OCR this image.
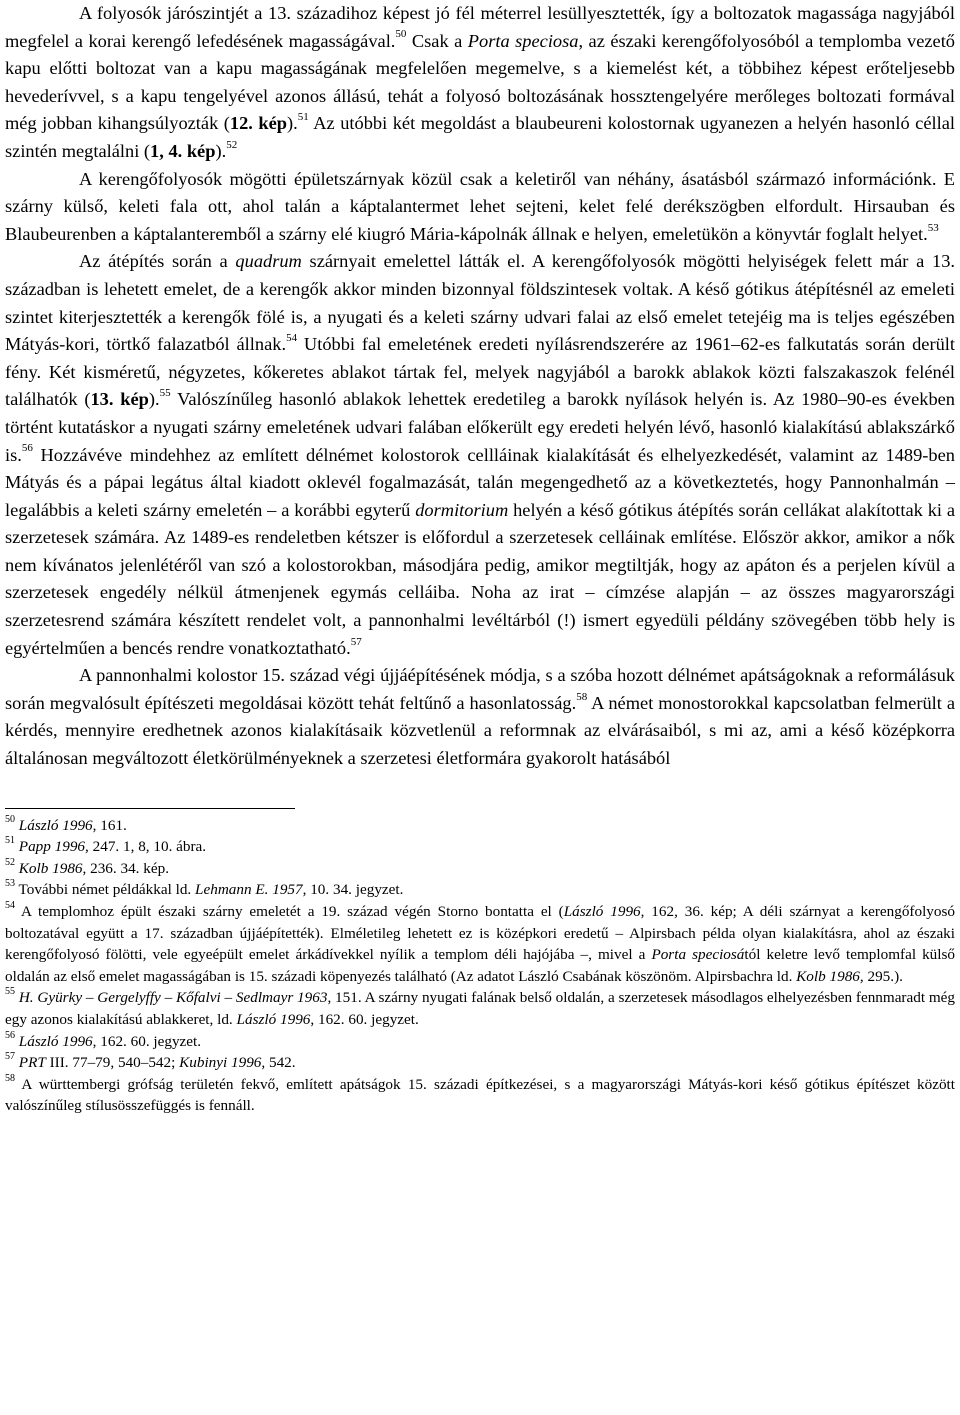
A folyosók járószintjét a 13. századihoz képest jó fél méterrel lesüllyesztették, így a boltozatok magassága nagyjából megfelel a korai kerengő lefedésének magasságával.$^{50}$ Csak a Porta speciosa, az északi kerengőfolyosóból a templomba vezető kapu előtti boltozat van a kapu magasságának megfelelően megemelve, s a kiemelést két, a többihez képest erőteljesebb hevederívvel, s a kapu tengelyével azonos állású, tehát a folyosó boltozásának hossztengelyére merőleges boltozati formával még jobban kihangsúlyozták (12. kép).$^{51}$ Az utóbbi két megoldást a blaubeureni kolostornak ugyanezen a helyén hasonló céllal szintén megtalálni (1, 4. kép).$^{52}$

A kerengőfolyosók mögötti épületszárnyak közül csak a keletiről van néhány, ásatásból származó információnk. E szárny külső, keleti fala ott, ahol talán a káptalantermet lehet sejteni, kelet felé derékszögben elfordult. Hirsauban és Blaubeurenben a káptalanteremből a szárny elé kiugró Mária-kápolnák állnak e helyen, emeletükön a könyvtár foglalt helyet.$^{53}$

Az átépítés során a quadrum szárnyait emelettel látták el. A kerengőfolyosók mögötti helyiségek felett már a 13. században is lehetett emelet, de a kerengők akkor minden bizonnyal földszintesek voltak. A késő gótikus átépítésnél az emeleti szintet kiterjesztették a kerengők fölé is, a nyugati és a keleti szárny udvari falai az első emelet tetejéig ma is teljes egészében Mátyás-kori, törtkő falazatból állnak.$^{54}$ Utóbbi fal emeletének eredeti nyílásrendszerére az 1961–62-es falkutatás során derült fény. Két kisméretű, négyzetes, kőkeretes ablakot tártak fel, melyek nagyjából a barokk ablakok közti falszakaszok felénél találhatók (13. kép).$^{55}$ Valószínűleg hasonló ablakok lehettek eredetileg a barokk nyílások helyén is. Az 1980–90-es években történt kutatáskor a nyugati szárny emeletének udvari falában előkerült egy eredeti helyén lévő, hasonló kialakítású ablakszárkő is.$^{56}$ Hozzávéve mindehhez az említett délnémet kolostorok cellláinak kialakítását és elhelyezkedését, valamint az 1489-ben Mátyás és a pápai legátus által kiadott oklevél fogalmazását, talán megengedhető az a következtetés, hogy Pannonhalmán – legalábbis a keleti szárny emeletén – a korábbi egyterű dormitorium helyén a késő gótikus átépítés során cellákat alakítottak ki a szerzetesek számára. Az 1489-es rendeletben kétszer is előfordul a szerzetesek celláinak említése. Először akkor, amikor a nők nem kívánatos jelenlétéről van szó a kolostorokban, másodjára pedig, amikor megtiltják, hogy az apáton és a perjelen kívül a szerzetesek engedély nélkül átmenjenek egymás celláiba. Noha az irat – címzése alapján – az összes magyarországi szerzetesrend számára készített rendelet volt, a pannonhalmi levéltárból (!) ismert egyedüli példány szövegében több hely is egyértelműen a bencés rendre vonatkoztatható.$^{57}$

A pannonhalmi kolostor 15. század végi újjáépítésének módja, s a szóba hozott délnémet apátságoknak a reformálásuk során megvalósult építészeti megoldásai között tehát feltűnő a hasonlatosság.$^{58}$ A német monostorokkal kapcsolatban felmerült a kérdés, mennyire eredhetnek azonos kialakításaik közvetlenül a reformnak az elvárásaiból, s mi az, ami a késő középkorra általánosan megváltozott életkörülményeknek a szerzetesi életformára gyakorolt hatásából

$^{50}$ László 1996, 161.

$^{51}$ Papp 1996, 247. 1, 8, 10. ábra.

$^{52}$ Kolb 1986, 236. 34. kép.

$^{53}$ További német példákkal ld. Lehmann E. 1957, 10. 34. jegyzet.

$^{54}$ A templomhoz épült északi szárny emeletét a 19. század végén Storno bontatta el (László 1996, 162, 36. kép; A déli szárnyat a kerengőfolyosó boltozatával együtt a 17. században újjáépítették). Elméletileg lehetett ez is középkori eredetű – Alpirsbach példa olyan kialakításra, ahol az északi kerengőfolyosó fölötti, vele egyeépült emelet árkádívekkel nyílik a templom déli hajójába –, mivel a Porta speciosától keletre levő templomfal külső oldalán az első emelet magasságában is 15. századi köpenyezés található (Az adatot László Csabának köszönöm. Alpirsbachra ld. Kolb 1986, 295.).

$^{55}$ H. Gyürky – Gergelyffy – Kőfalvi – Sedlmayr 1963, 151. A szárny nyugati falának belső oldalán, a szerzetesek másodlagos elhelyezésben fennmaradt még egy azonos kialakítású ablakkeret, ld. László 1996, 162. 60. jegyzet.

$^{56}$ László 1996, 162. 60. jegyzet.

$^{57}$ PRT III. 77–79, 540–542; Kubinyi 1996, 542.

$^{58}$ A württembergi grófság területén fekvő, említett apátságok 15. századi építkezései, s a magyarországi Mátyás-kori késő gótikus építészet között valószínűleg stílusösszefüggés is fennáll.
